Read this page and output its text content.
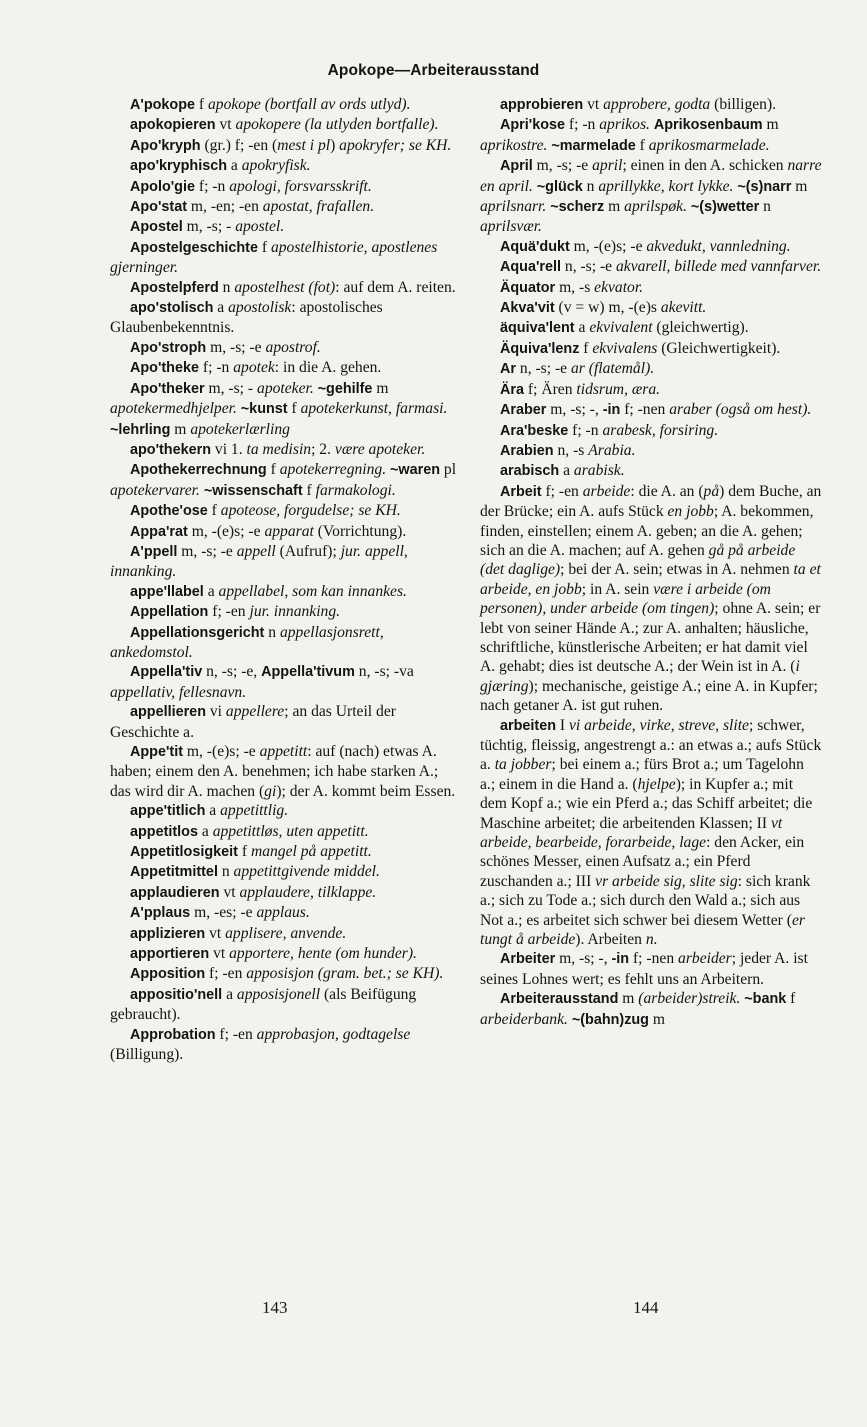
Apokope—Arbeiterausstand

A'pokope f apokope (bortfall av ords utlyd).

apokopieren vt apokopere (la utlyden bortfalle).

Apo'kryph (gr.) f; -en (mest i pl) apokryfer; se KH.

apo'kryphisch a apokryfisk.

Apolo'gie f; -n apologi, forsvarsskrift.

Apo'stat m, -en; -en apostat, frafallen.

Apostel m, -s; - apostel.

Apostelgeschichte f apostelhistorie, apostlenes gjerninger.

Apostelpferd n apostelhest (fot): auf dem A. reiten.

apo'stolisch a apostolisk: apostolisches Glaubenbekenntnis.

Apo'stroph m, -s; -e apostrof.

Apo'theke f; -n apotek: in die A. gehen.

Apo'theker m, -s; - apoteker. ~gehilfe m apotekermedhjelper. ~kunst f apotekerkunst, farmasi. ~lehrling m apotekerlærling

apo'thekern vi 1. ta medisin; 2. være apoteker.

Apothekerrechnung f apotekerregning. ~waren pl apotekervarer. ~wissenschaft f farmakologi.

Apothe'ose f apoteose, forgudelse; se KH.

Appa'rat m, -(e)s; -e apparat (Vorrichtung).

A'ppell m, -s; -e appell (Aufruf); jur. appell, innanking.

appe'llabel a appellabel, som kan innankes.

Appellation f; -en jur. innanking.

Appellationsgericht n appellasjonsrett, ankedomstol.

Appella'tiv n, -s; -e, Appella'tivum n, -s; -va appellativ, fellesnavn.

appellieren vi appellere; an das Urteil der Geschichte a.

Appe'tit m, -(e)s; -e appetitt: auf (nach) etwas A. haben; einem den A. benehmen; ich habe starken A.; das wird dir A. machen (gi); der A. kommt beim Essen.

appe'titlich a appetittlig.

appetitlos a appetittløs, uten appetitt.

Appetitlosigkeit f mangel på appetitt.

Appetitmittel n appetittgivende middel.

applaudieren vt applaudere, tilklappe.

A'pplaus m, -es; -e applaus.

applizieren vt applisere, anvende.

apportieren vt apportere, hente (om hunder).

Apposition f; -en apposisjon (gram. bet.; se KH).

appositio'nell a apposisjonell (als Beifügung gebraucht).

Approbation f; -en approbasjon, godtagelse (Billigung).

approbieren vt approbere, godta (billigen).

Apri'kose f; -n aprikos. Aprikosenbaum m aprikostre. ~marmelade f aprikosmarmelade.

April m, -s; -e april; einen in den A. schicken narre en april. ~glück n aprillykke, kort lykke. ~(s)narr m aprilsnarr. ~scherz m aprilspøk. ~(s)wetter n aprilsvær.

Aquä'dukt m, -(e)s; -e akvedukt, vannledning.

Aqua'rell n, -s; -e akvarell, billede med vannfarver.

Äquator m, -s ekvator.

Akva'vit (v = w) m, -(e)s akevitt.

äquiva'lent a ekvivalent (gleichwertig).

Äquiva'lenz f ekvivalens (Gleichwertigkeit).

Ar n, -s; -e ar (flatemål).

Ära f; Ären tidsrum, æra.

Araber m, -s; -, -in f; -nen araber (også om hest).

Ara'beske f; -n arabesk, forsiring.

Arabien n, -s Arabia.

arabisch a arabisk.

Arbeit f; -en arbeide: die A. an (på) dem Buche, an der Brücke; ein A. aufs Stück en jobb; A. bekommen, finden, einstellen; einem A. geben; an die A. gehen; sich an die A. machen; auf A. gehen gå på arbeide (det daglige); bei der A. sein; etwas in A. nehmen ta et arbeide, en jobb; in A. sein være i arbeide (om personen), under arbeide (om tingen); ohne A. sein; er lebt von seiner Hände A.; zur A. anhalten; häusliche, schriftliche, künstlerische Arbeiten; er hat damit viel A. gehabt; dies ist deutsche A.; der Wein ist in A. (i gjæring); mechanische, geistige A.; eine A. in Kupfer; nach getaner A. ist gut ruhen.

arbeiten I vi arbeide, virke, streve, slite; schwer, tüchtig, fleissig, angestrengt a.: an etwas a.; aufs Stück a. ta jobber; bei einem a.; fürs Brot a.; um Tagelohn a.; einem in die Hand a. (hjelpe); in Kupfer a.; mit dem Kopf a.; wie ein Pferd a.; das Schiff arbeitet; die Maschine arbeitet; die arbeitenden Klassen; II vt arbeide, bearbeide, forarbeide, lage: den Acker, ein schönes Messer, einen Aufsatz a.; ein Pferd zuschanden a.; III vr arbeide sig, slite sig: sich krank a.; sich zu Tode a.; sich durch den Wald a.; sich aus Not a.; es arbeitet sich schwer bei diesem Wetter (er tungt å arbeide). Arbeiten n.

Arbeiter m, -s; -, -in f; -nen arbeider; jeder A. ist seines Lohnes wert; es fehlt uns an Arbeitern.

Arbeiterausstand m (arbeider)streik. ~bank f arbeiderbank. ~(bahn)zug m

143	144
